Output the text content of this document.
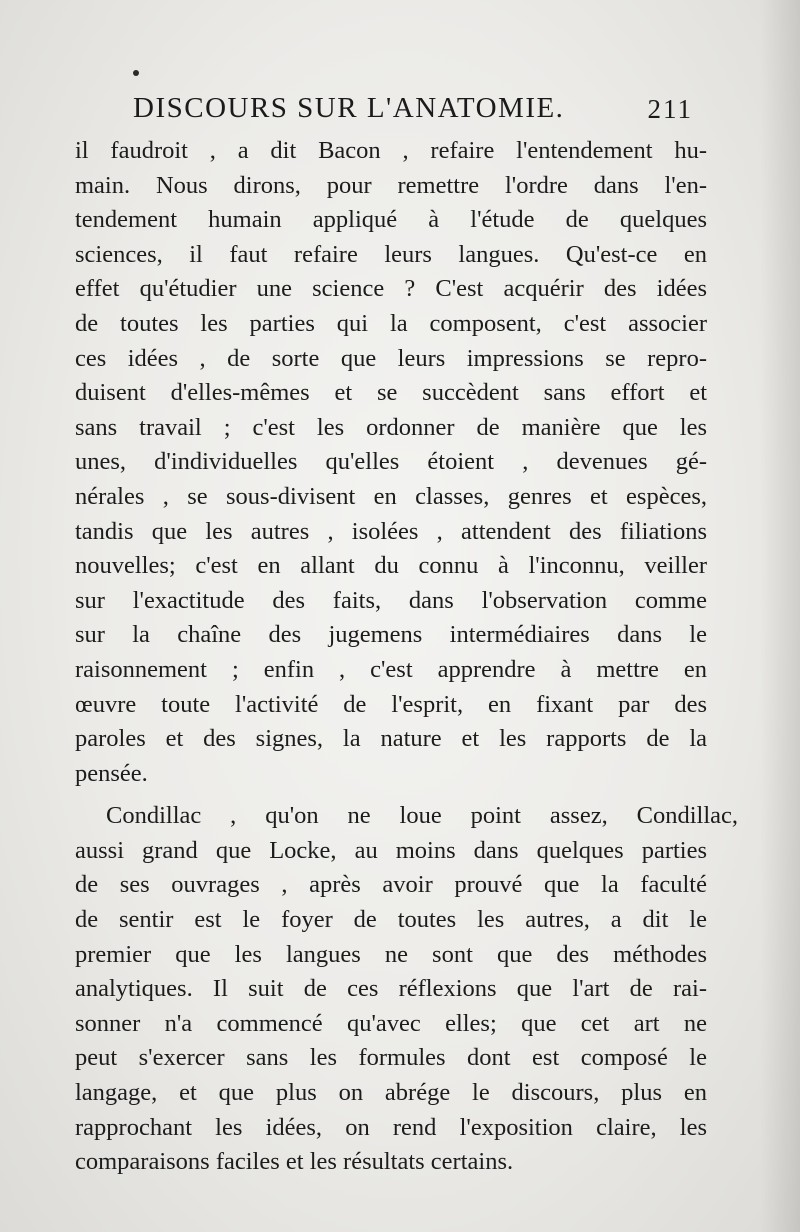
DISCOURS SUR L'ANATOMIE.	211
il faudroit , a dit Bacon , refaire l'entendement hu-
main. Nous dirons, pour remettre l'ordre dans l'en-
tendement humain appliqué à l'étude de quelques
sciences, il faut refaire leurs langues. Qu'est-ce en
effet qu'étudier une science ? C'est acquérir des idées
de toutes les parties qui la composent, c'est associer
ces idées , de sorte que leurs impressions se repro-
duisent d'elles-mêmes et se succèdent sans effort et
sans travail ; c'est les ordonner de manière que les
unes, d'individuelles qu'elles étoient , devenues gé-
nérales , se sous-divisent en classes, genres et espèces,
tandis que les autres , isolées , attendent des filiations
nouvelles; c'est en allant du connu à l'inconnu, veiller
sur l'exactitude des faits, dans l'observation comme
sur la chaîne des jugemens intermédiaires dans le
raisonnement ; enfin , c'est apprendre à mettre en
œuvre toute l'activité de l'esprit, en fixant par des
paroles et des signes, la nature et les rapports de la
pensée.
Condillac , qu'on ne loue point assez, Condillac,
aussi grand que Locke, au moins dans quelques parties
de ses ouvrages , après avoir prouvé que la faculté
de sentir est le foyer de toutes les autres, a dit le
premier que les langues ne sont que des méthodes
analytiques. Il suit de ces réflexions que l'art de rai-
sonner n'a commencé qu'avec elles; que cet art ne
peut s'exercer sans les formules dont est composé le
langage, et que plus on abrége le discours, plus en
rapprochant les idées, on rend l'exposition claire, les
comparaisons faciles et les résultats certains.
